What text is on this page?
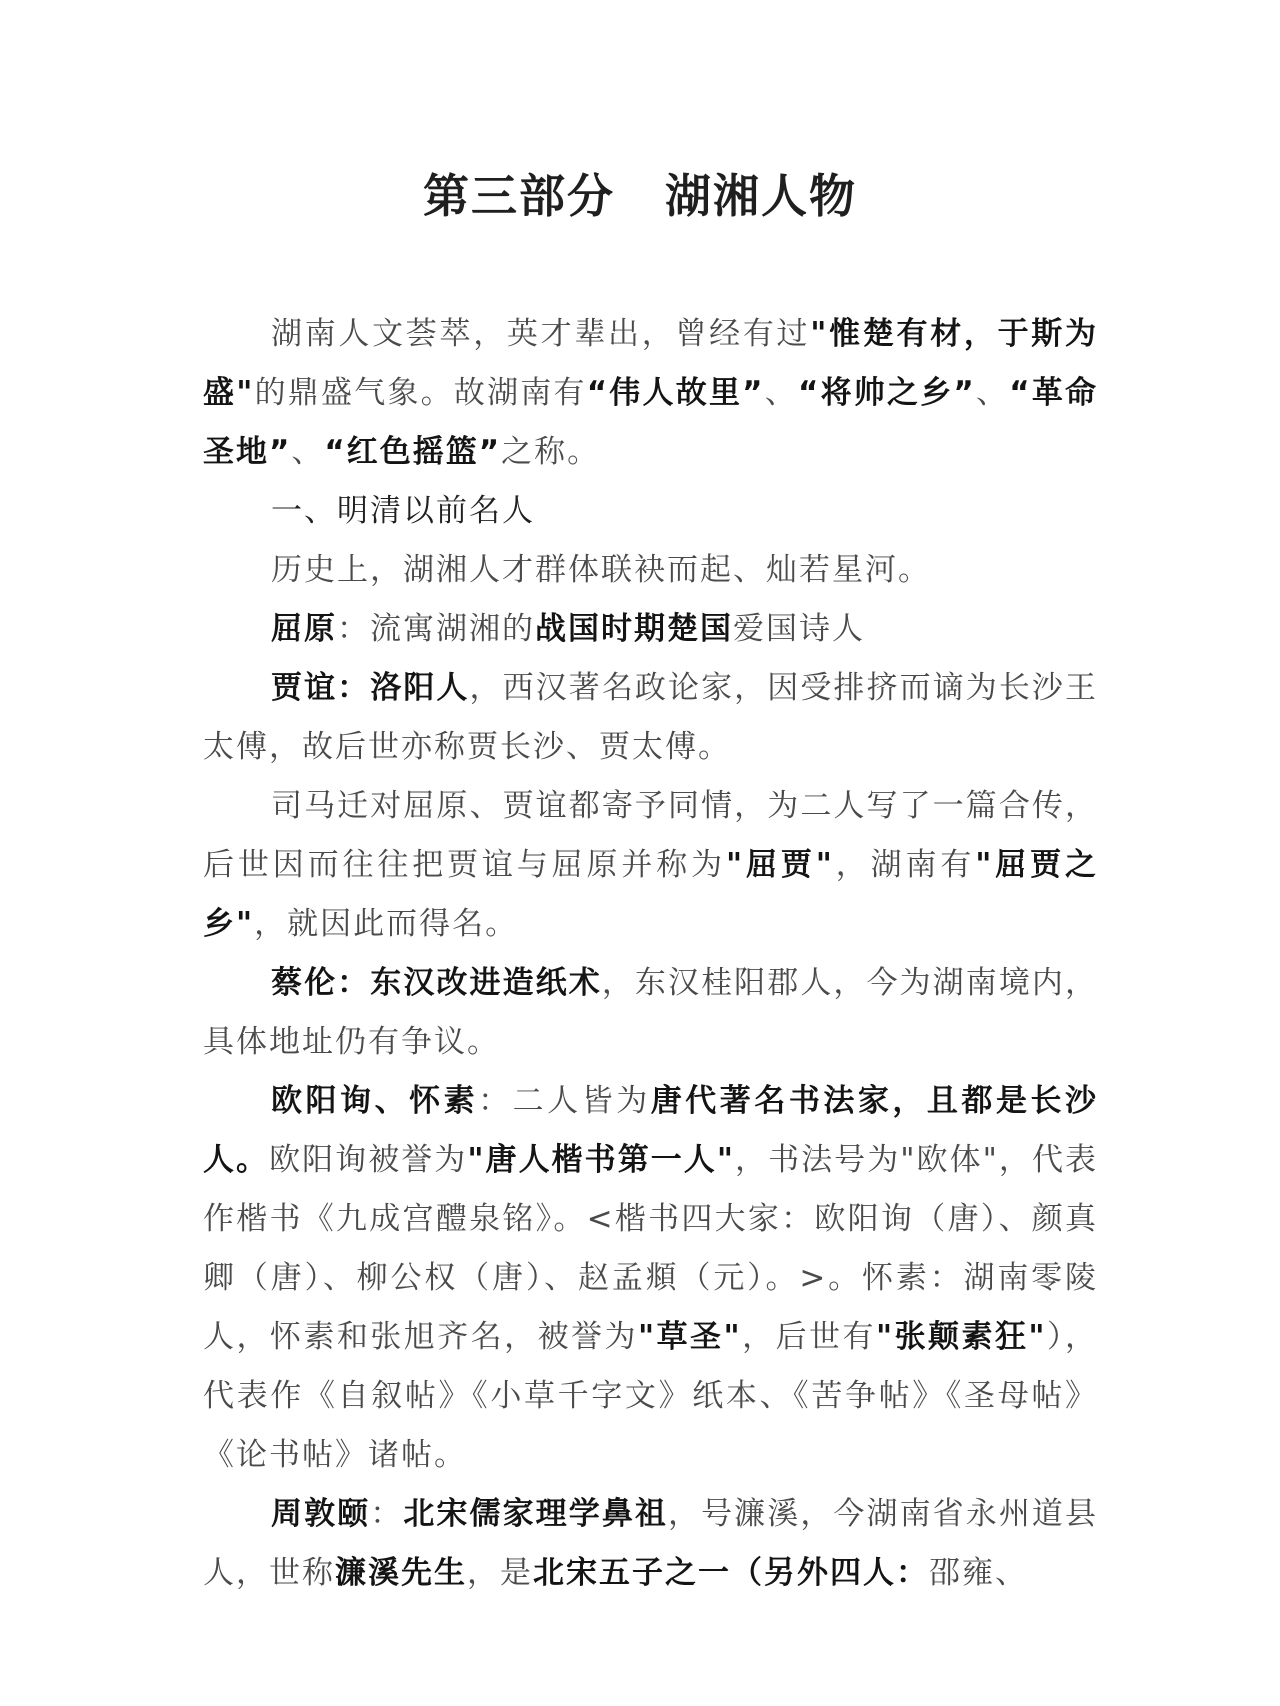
第三部分 湖湘人物

湖南人文荟萃，英才辈出，曾经有过"惟楚有材，于斯为盛"的鼎盛气象。故湖南有“伟人故里”、“将帅之乡”、“革命圣地”、“红色摇篮”之称。

一、明清以前名人

历史上，湖湘人才群体联袂而起、灿若星河。

屈原：流寓湖湘的战国时期楚国爱国诗人

贾谊：洛阳人，西汉著名政论家，因受排挤而谪为长沙王太傅，故后世亦称贾长沙、贾太傅。

司马迁对屈原、贾谊都寄予同情，为二人写了一篇合传，后世因而往往把贾谊与屈原并称为"屈贾"，湖南有"屈贾之乡"，就因此而得名。

蔡伦：东汉改进造纸术，东汉桂阳郡人，今为湖南境内，具体地址仍有争议。

欧阳询、怀素：二人皆为唐代著名书法家，且都是长沙人。欧阳询被誉为"唐人楷书第一人"，书法号为"欧体"，代表作楷书《九成宫醴泉铭》。<楷书四大家：欧阳询（唐）、颜真卿（唐）、柳公权（唐）、赵孟頫（元）。>。怀素：湖南零陵人，怀素和张旭齐名，被誉为"草圣"，后世有"张颠素狂"），代表作《自叙帖》《小草千字文》纸本、《苦争帖》《圣母帖》《论书帖》诸帖。

周敦颐：北宋儒家理学鼻祖，号濂溪，今湖南省永州道县人，世称濂溪先生，是北宋五子之一（另外四人：邵雍、
